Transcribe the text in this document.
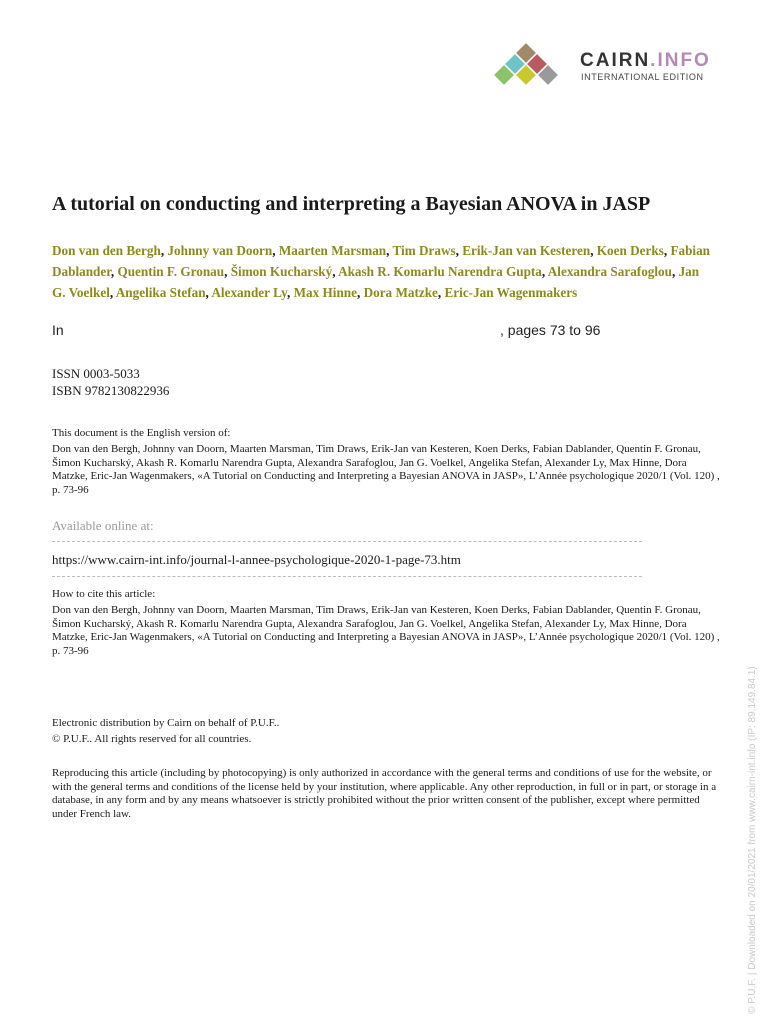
CAIRN.INFO
INTERNATIONAL EDITION
A tutorial on conducting and interpreting a Bayesian ANOVA in JASP
Don van den Bergh, Johnny van Doorn, Maarten Marsman, Tim Draws, Erik-Jan van Kesteren, Koen Derks, Fabian Dablander, Quentin F. Gronau, Šimon Kucharský, Akash R. Komarlu Narendra Gupta, Alexandra Sarafoglou, Jan G. Voelkel, Angelika Stefan, Alexander Ly, Max Hinne, Dora Matzke, Eric-Jan Wagenmakers
In	, pages 73 to 96
ISSN 0003-5033
ISBN 9782130822936
This document is the English version of:
Don van den Bergh, Johnny van Doorn, Maarten Marsman, Tim Draws, Erik-Jan van Kesteren, Koen Derks, Fabian Dablander, Quentin F. Gronau, Šimon Kucharský, Akash R. Komarlu Narendra Gupta, Alexandra Sarafoglou, Jan G. Voelkel, Angelika Stefan, Alexander Ly, Max Hinne, Dora Matzke, Eric-Jan Wagenmakers, «A Tutorial on Conducting and Interpreting a Bayesian ANOVA in JASP», L’Année psychologique 2020/1 (Vol. 120) , p. 73-96
Available online at:
https://www.cairn-int.info/journal-l-annee-psychologique-2020-1-page-73.htm
How to cite this article:
Don van den Bergh, Johnny van Doorn, Maarten Marsman, Tim Draws, Erik-Jan van Kesteren, Koen Derks, Fabian Dablander, Quentin F. Gronau, Šimon Kucharský, Akash R. Komarlu Narendra Gupta, Alexandra Sarafoglou, Jan G. Voelkel, Angelika Stefan, Alexander Ly, Max Hinne, Dora Matzke, Eric-Jan Wagenmakers, «A Tutorial on Conducting and Interpreting a Bayesian ANOVA in JASP», L’Année psychologique 2020/1 (Vol. 120) , p. 73-96
Electronic distribution by Cairn on behalf of P.U.F..
© P.U.F.. All rights reserved for all countries.
Reproducing this article (including by photocopying) is only authorized in accordance with the general terms and conditions of use for the website, or with the general terms and conditions of the license held by your institution, where applicable. Any other reproduction, in full or in part, or storage in a database, in any form and by any means whatsoever is strictly prohibited without the prior written consent of the publisher, except where permitted under French law.	© P.U.F. | Downloaded on 20/01/2021 from www.cairn-int.info (IP: 89.149.84.1)
